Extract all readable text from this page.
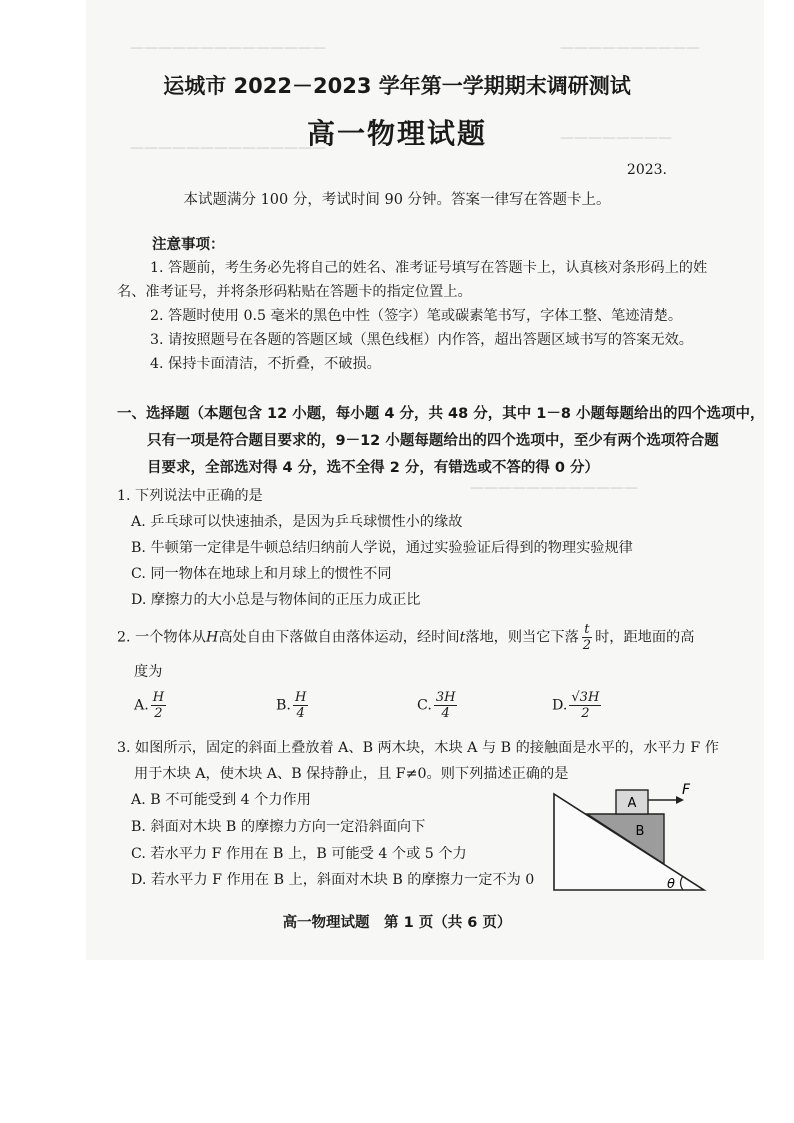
——————————————	——————————
——————————————
————————
————————————
运城市 2022－2023 学年第一学期期末调研测试
高一物理试题
2023.
本试题满分 100 分，考试时间 90 分钟。答案一律写在答题卡上。
注意事项：
1. 答题前，考生务必先将自己的姓名、准考证号填写在答题卡上，认真核对条形码上的姓
名、准考证号，并将条形码粘贴在答题卡的指定位置上。
2. 答题时使用 0.5 毫米的黑色中性（签字）笔或碳素笔书写，字体工整、笔迹清楚。
3. 请按照题号在各题的答题区域（黑色线框）内作答，超出答题区域书写的答案无效。
4. 保持卡面清洁，不折叠，不破损。
一、选择题（本题包含 12 小题，每小题 4 分，共 48 分，其中 1－8 小题每题给出的四个选项中，
只有一项是符合题目要求的，9－12 小题每题给出的四个选项中，至少有两个选项符合题
目要求，全部选对得 4 分，选不全得 2 分，有错选或不答的得 0 分）
1. 下列说法中正确的是
A. 乒乓球可以快速抽杀，是因为乒乓球惯性小的缘故
B. 牛顿第一定律是牛顿总结归纳前人学说，通过实验验证后得到的物理实验规律
C. 同一物体在地球上和月球上的惯性不同
D. 摩擦力的大小总是与物体间的正压力成正比
2. 一个物体从H高处自由下落做自由落体运动，经时间t落地，则当它下落 $\frac{t}{2}$ 时，距地面的高
度为
A. $\frac{H}{2}$	B. $\frac{H}{4}$	C. $\frac{3H}{4}$	D. $\frac{√3H}{2}$
3. 如图所示，固定的斜面上叠放着 A、B 两木块，木块 A 与 B 的接触面是水平的，水平力 F 作
用于木块 A，使木块 A、B 保持静止，且 F≠0。则下列描述正确的是
A. B 不可能受到 4 个力作用
B. 斜面对木块 B 的摩擦力方向一定沿斜面向下
C. 若水平力 F 作用在 B 上，B 可能受 4 个或 5 个力
D. 若水平力 F 作用在 B 上，斜面对木块 B 的摩擦力一定不为 0
A
B
F
θ
高一物理试题　第 1 页（共 6 页）
